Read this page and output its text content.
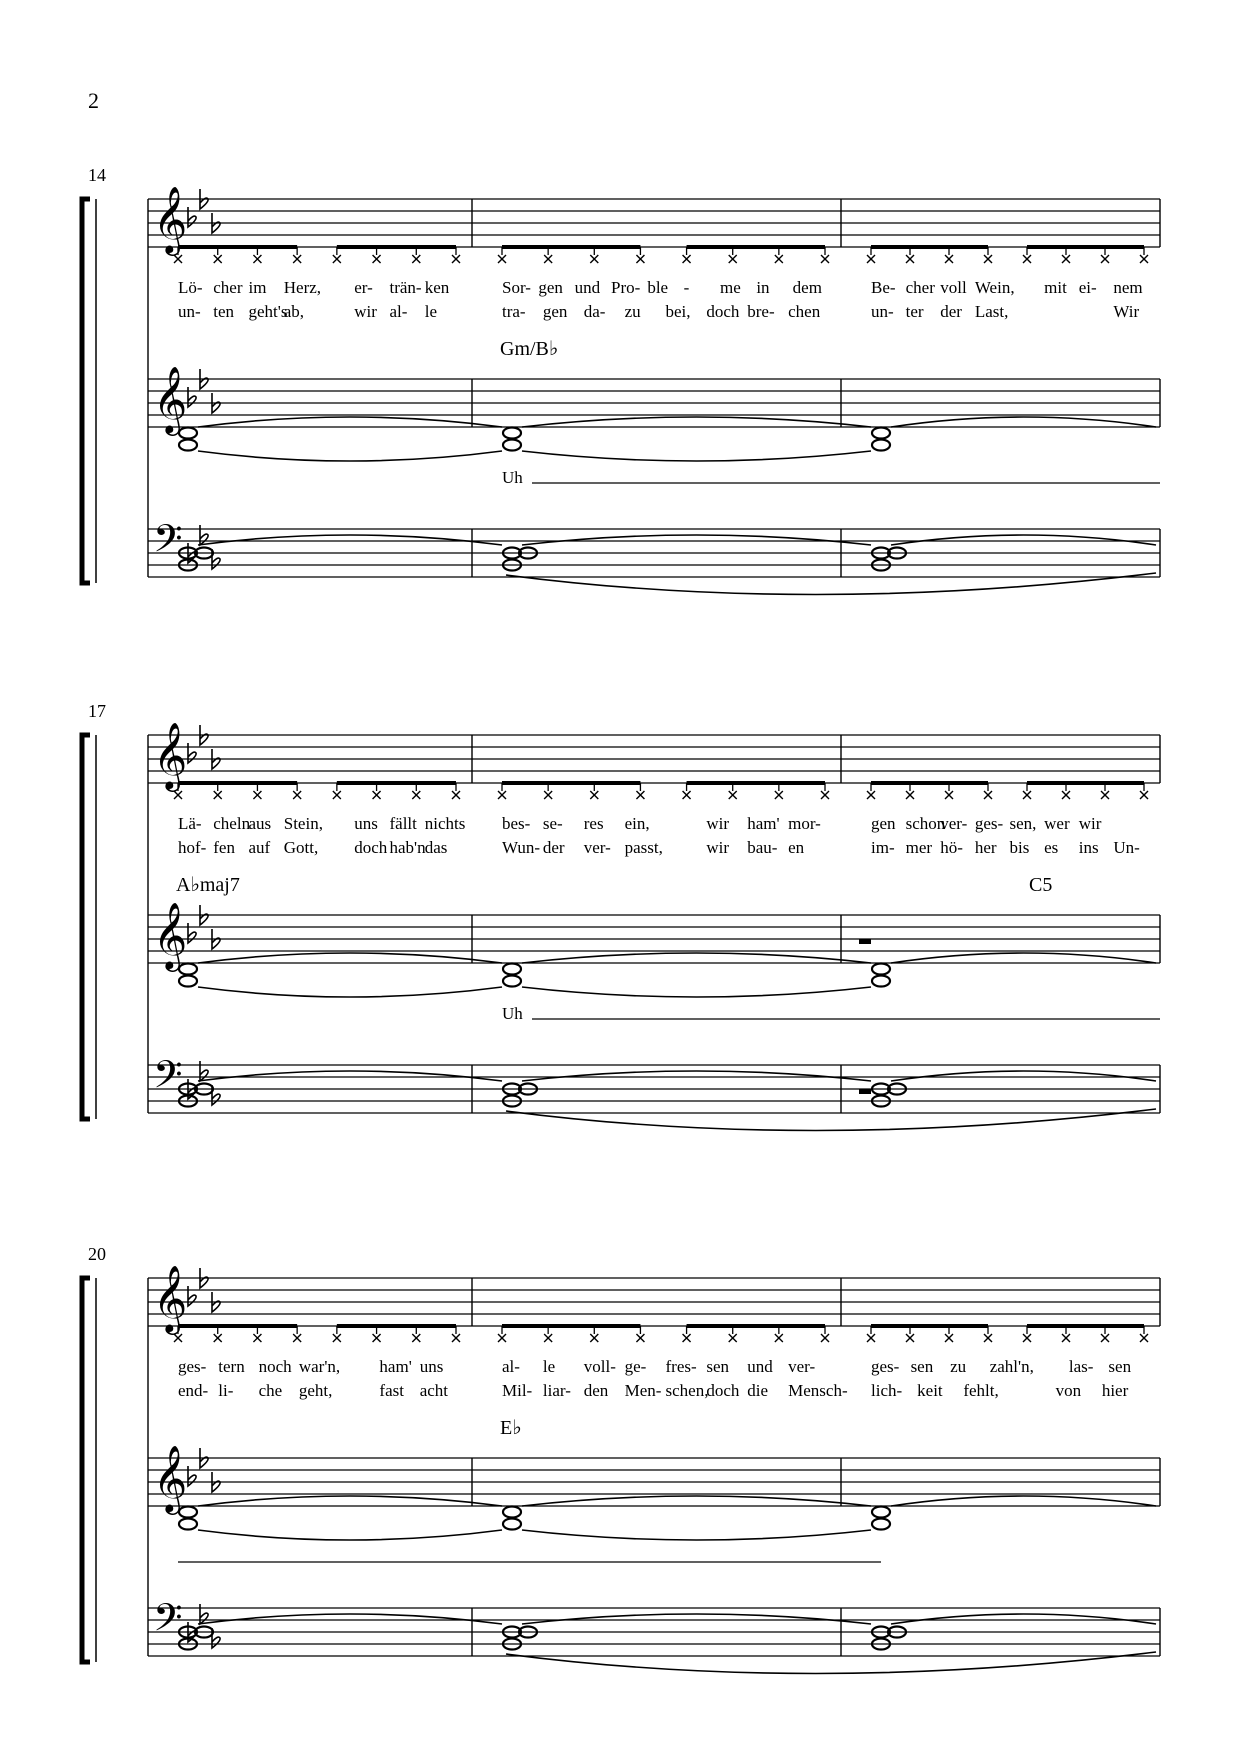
2
14
𝄞
𝄞
𝄢
Lö- cher im Herz, er- trän- ken
un- ten geht's
ab,	wir al- le
Sor- gen und Pro- ble - me in dem
tra- gen da- zu bei, doch bre- chen
Be- cher voll Wein, mit ei- nem
un- ter der Last,	Wir
Gm/B♭
Uh
17
𝄞
𝄞
𝄢
Lä- cheln
aus Stein, uns fällt nichts
hof- fen auf Gott, doch hab'n das
bes- se- res ein,	wir ham' mor-
Wun- der ver- passt,	wir bau- en
gen schon
ver- ges- sen, wer wir
im- mer hö- her bis es ins Un-
A♭maj7	C5
Uh
20
𝄞
𝄞
𝄢
ges- tern noch war'n, ham' uns
end- li- che geht,	fast acht
al- le voll- ge- fres- sen und ver-
Mil- liar- den Men- schen,
doch die Mensch-
ges- sen zu zahl'n, las- sen
lich- keit fehlt,	von hier
E♭
